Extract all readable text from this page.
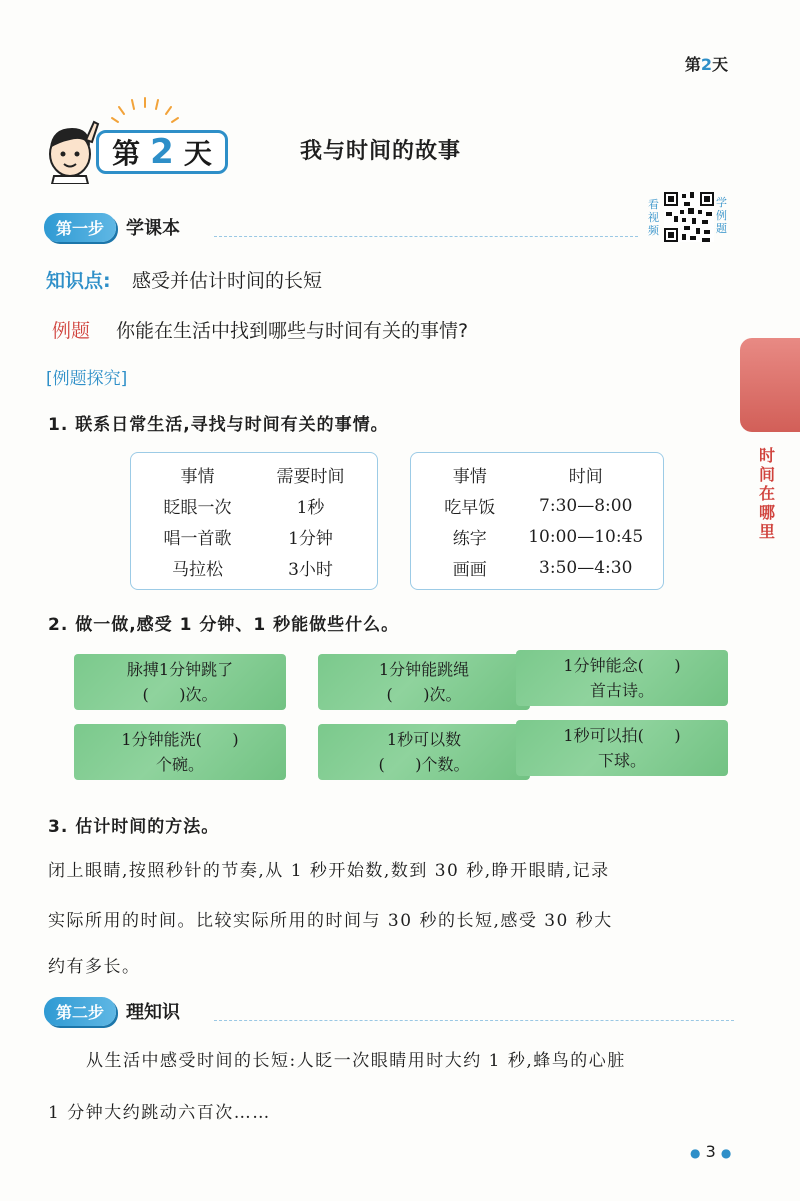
第2天
第 2 天	我与时间的故事
第一步	学课本
看视频
学例题
时间在哪里
知识点: 感受并估计时间的长短
例题 你能在生活中找到哪些与时间有关的事情?
[例题探究]
1. 联系日常生活,寻找与时间有关的事情。
事情	需要时间
眨眼一次	1秒
唱一首歌	1分钟
马拉松	3小时
事情	时间
吃早饭	7:30—8:00
练字	10:00—10:45
画画	3:50—4:30
2. 做一做,感受 1 分钟、1 秒能做些什么。
脉搏1分钟跳了
(      )次。
1分钟能跳绳
(      )次。
1分钟能念(      )
首古诗。
1分钟能洗(      )
个碗。
1秒可以数
(      )个数。
1秒可以拍(      )
下球。
3. 估计时间的方法。
闭上眼睛,按照秒针的节奏,从 1 秒开始数,数到 30 秒,睁开眼睛,记录
实际所用的时间。比较实际所用的时间与 30 秒的长短,感受 30 秒大
约有多长。
第二步	理知识
从生活中感受时间的长短:人眨一次眼睛用时大约 1 秒,蜂鸟的心脏
1 分钟大约跳动六百次……
● 3 ●
